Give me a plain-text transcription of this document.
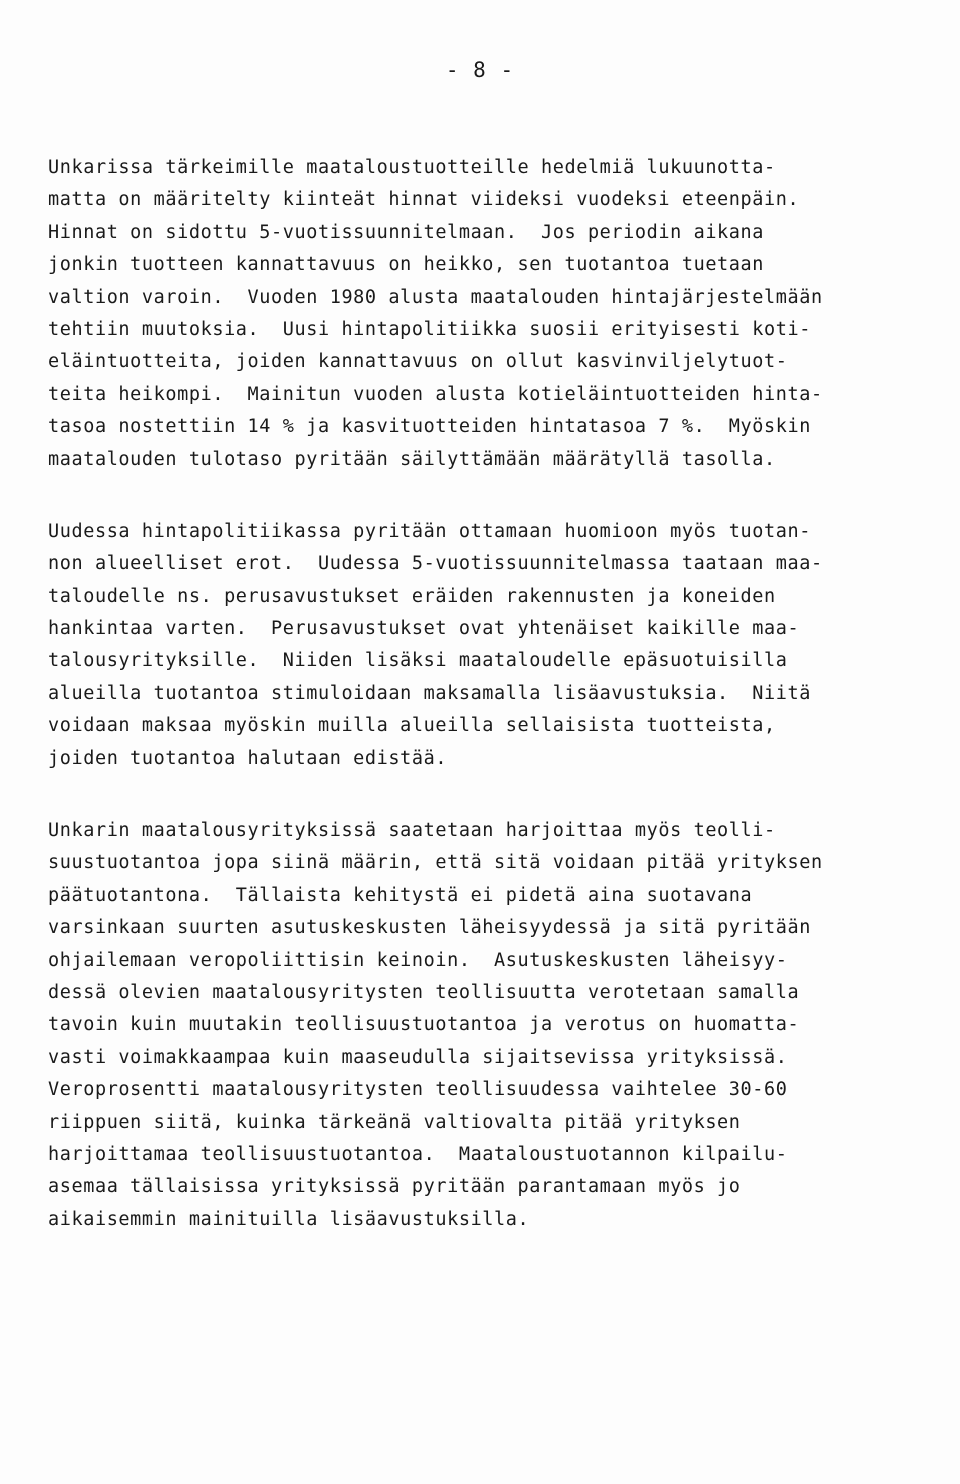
- 8 -
Unkarissa tärkeimille maataloustuotteille hedelmiä lukuunotta-
matta on määritelty kiinteät hinnat viideksi vuodeksi eteenpäin.
Hinnat on sidottu 5-vuotissuunnitelmaan.  Jos periodin aikana
jonkin tuotteen kannattavuus on heikko, sen tuotantoa tuetaan
valtion varoin.  Vuoden 1980 alusta maatalouden hintajärjestelmään
tehtiin muutoksia.  Uusi hintapolitiikka suosii erityisesti koti-
eläintuotteita, joiden kannattavuus on ollut kasvinviljelytuot-
teita heikompi.  Mainitun vuoden alusta kotieläintuotteiden hinta-
tasoa nostettiin 14 % ja kasvituotteiden hintatasoa 7 %.  Myöskin
maatalouden tulotaso pyritään säilyttämään määrätyllä tasolla.
Uudessa hintapolitiikassa pyritään ottamaan huomioon myös tuotan-
non alueelliset erot.  Uudessa 5-vuotissuunnitelmassa taataan maa-
taloudelle ns. perusavustukset eräiden rakennusten ja koneiden
hankintaa varten.  Perusavustukset ovat yhtenäiset kaikille maa-
talousyrityksille.  Niiden lisäksi maataloudelle epäsuotuisilla
alueilla tuotantoa stimuloidaan maksamalla lisäavustuksia.  Niitä
voidaan maksaa myöskin muilla alueilla sellaisista tuotteista,
joiden tuotantoa halutaan edistää.
Unkarin maatalousyrityksissä saatetaan harjoittaa myös teolli-
suustuotantoa jopa siinä määrin, että sitä voidaan pitää yrityksen
päätuotantona.  Tällaista kehitystä ei pidetä aina suotavana
varsinkaan suurten asutuskeskusten läheisyydessä ja sitä pyritään
ohjailemaan veropoliittisin keinoin.  Asutuskeskusten läheisyy-
dessä olevien maatalousyritysten teollisuutta verotetaan samalla
tavoin kuin muutakin teollisuustuotantoa ja verotus on huomatta-
vasti voimakkaampaa kuin maaseudulla sijaitsevissa yrityksissä.
Veroprosentti maatalousyritysten teollisuudessa vaihtelee 30-60
riippuen siitä, kuinka tärkeänä valtiovalta pitää yrityksen
harjoittamaa teollisuustuotantoa.  Maataloustuotannon kilpailu-
asemaa tällaisissa yrityksissä pyritään parantamaan myös jo
aikaisemmin mainituilla lisäavustuksilla.
